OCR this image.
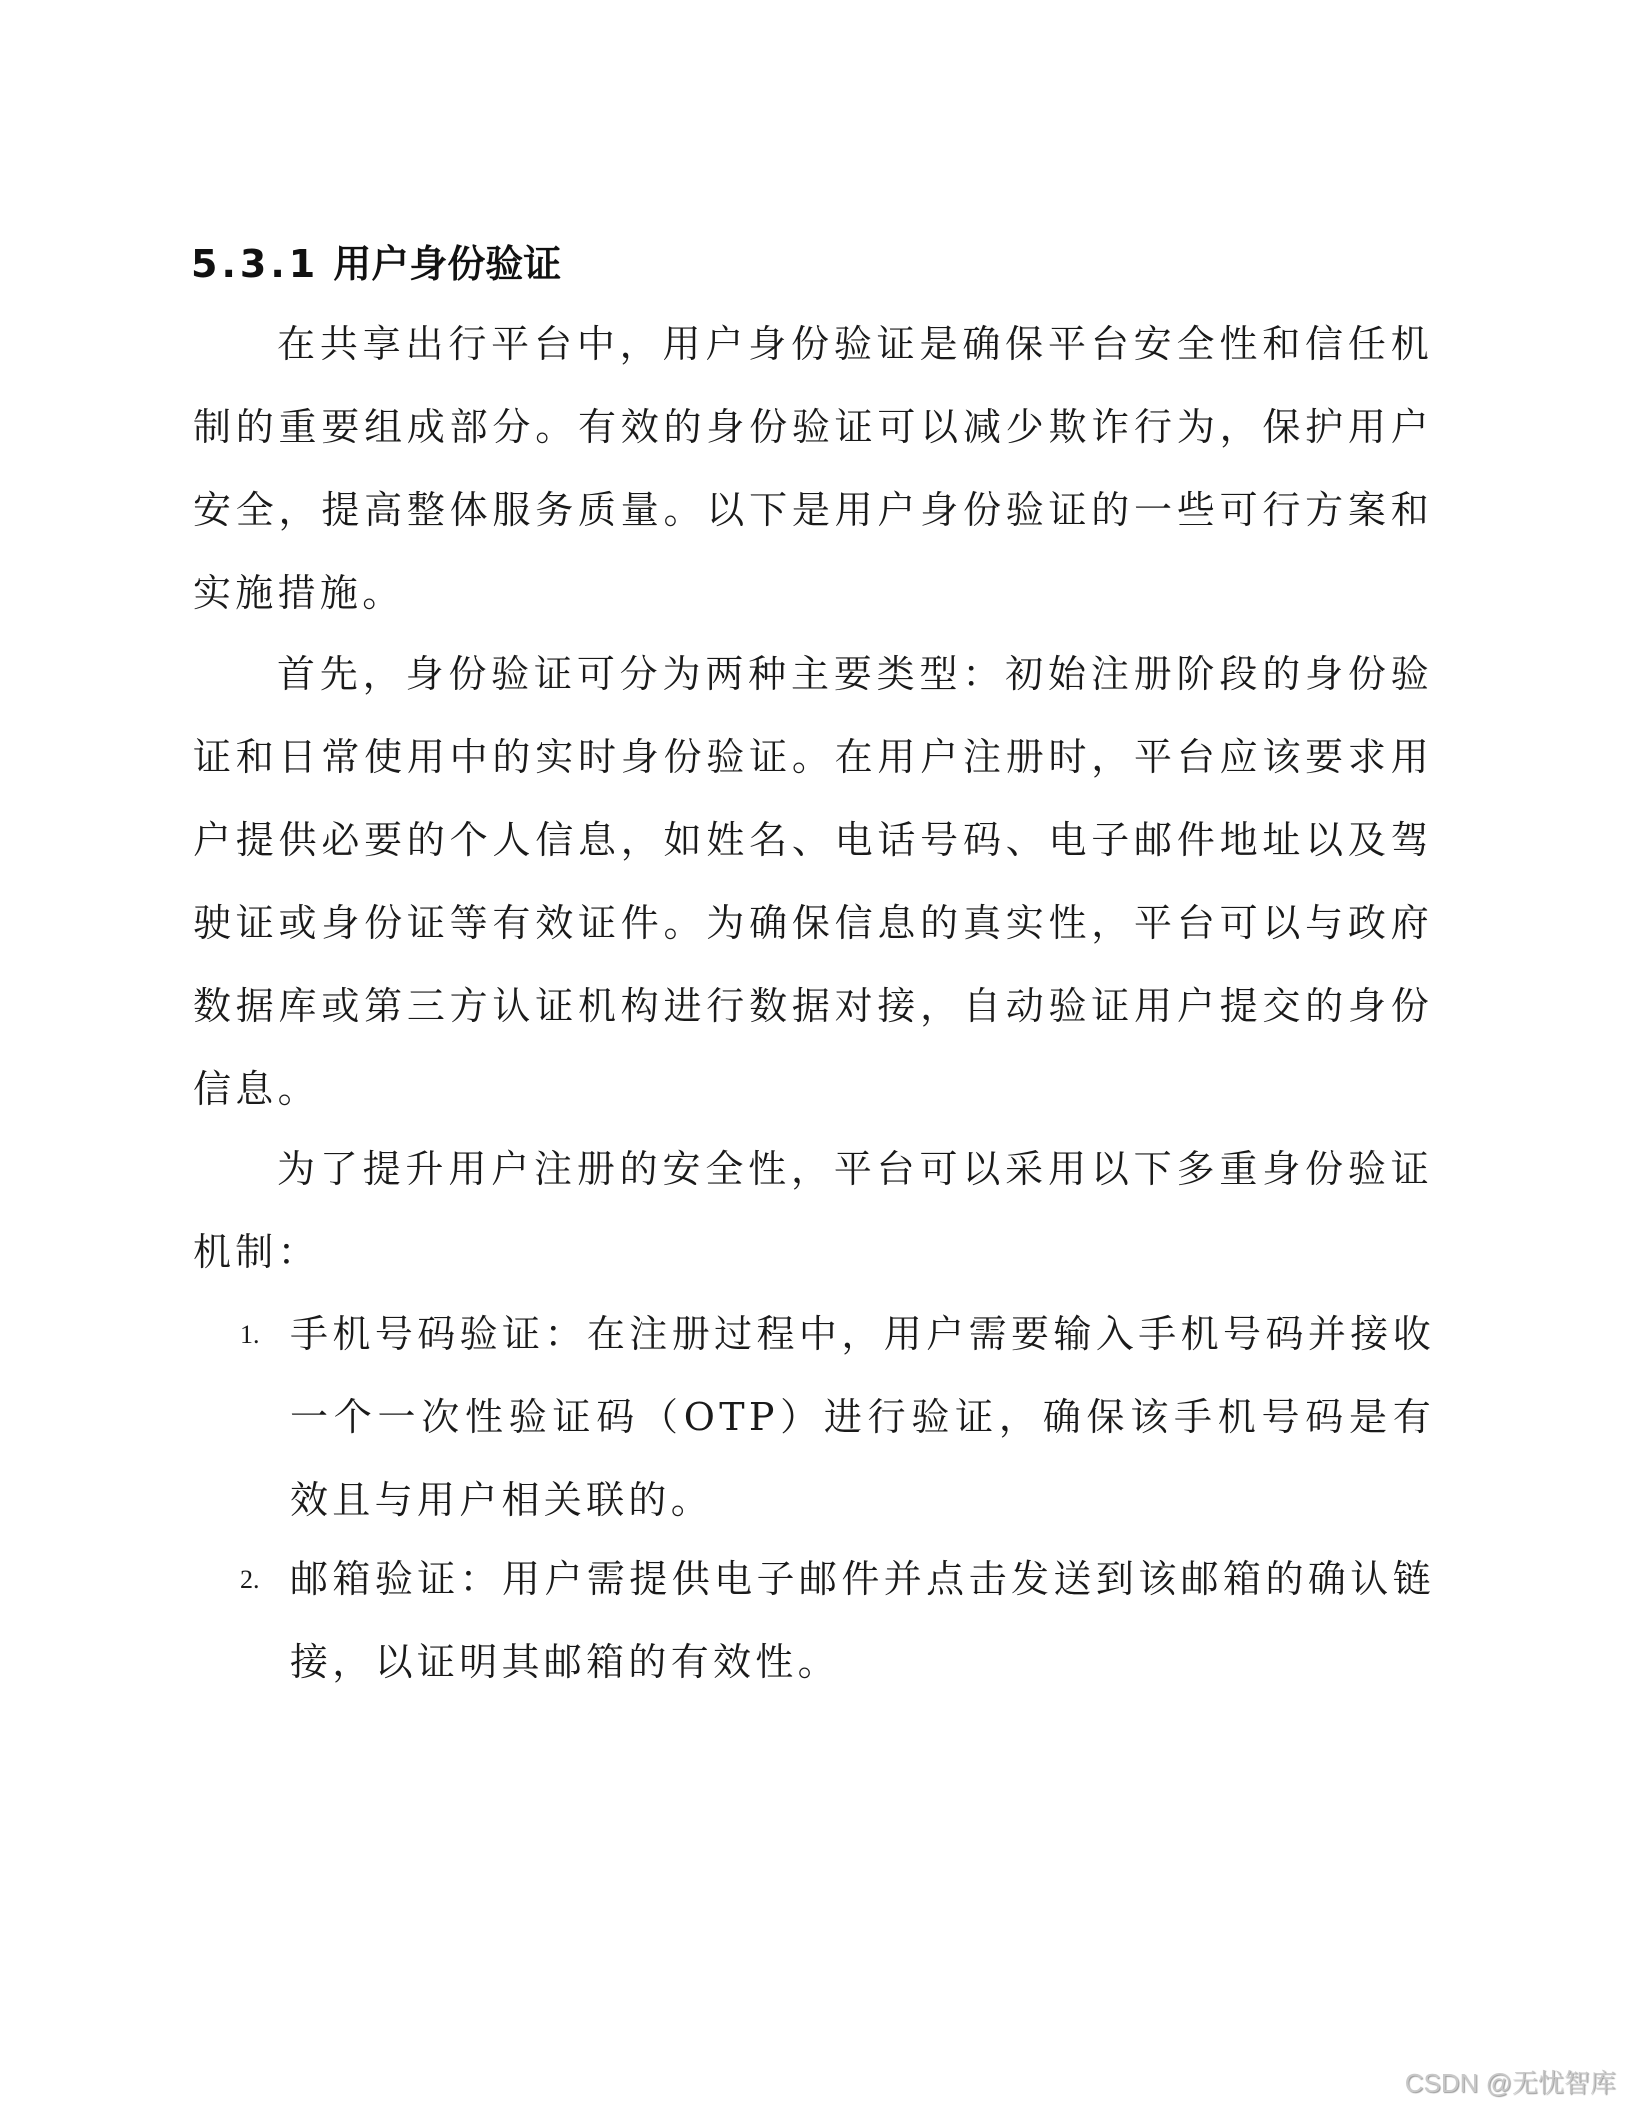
5.3.1 用户身份验证

在共享出行平台中，用户身份验证是确保平台安全性和信任机制的重要组成部分。有效的身份验证可以减少欺诈行为，保护用户安全，提高整体服务质量。以下是用户身份验证的一些可行方案和实施措施。

首先，身份验证可分为两种主要类型：初始注册阶段的身份验证和日常使用中的实时身份验证。在用户注册时，平台应该要求用户提供必要的个人信息，如姓名、电话号码、电子邮件地址以及驾驶证或身份证等有效证件。为确保信息的真实性，平台可以与政府数据库或第三方认证机构进行数据对接，自动验证用户提交的身份信息。

为了提升用户注册的安全性，平台可以采用以下多重身份验证机制：

1. 手机号码验证：在注册过程中，用户需要输入手机号码并接收一个一次性验证码（OTP）进行验证，确保该手机号码是有效且与用户相关联的。

2. 邮箱验证：用户需提供电子邮件并点击发送到该邮箱的确认链接，以证明其邮箱的有效性。

CSDN @无忧智库
